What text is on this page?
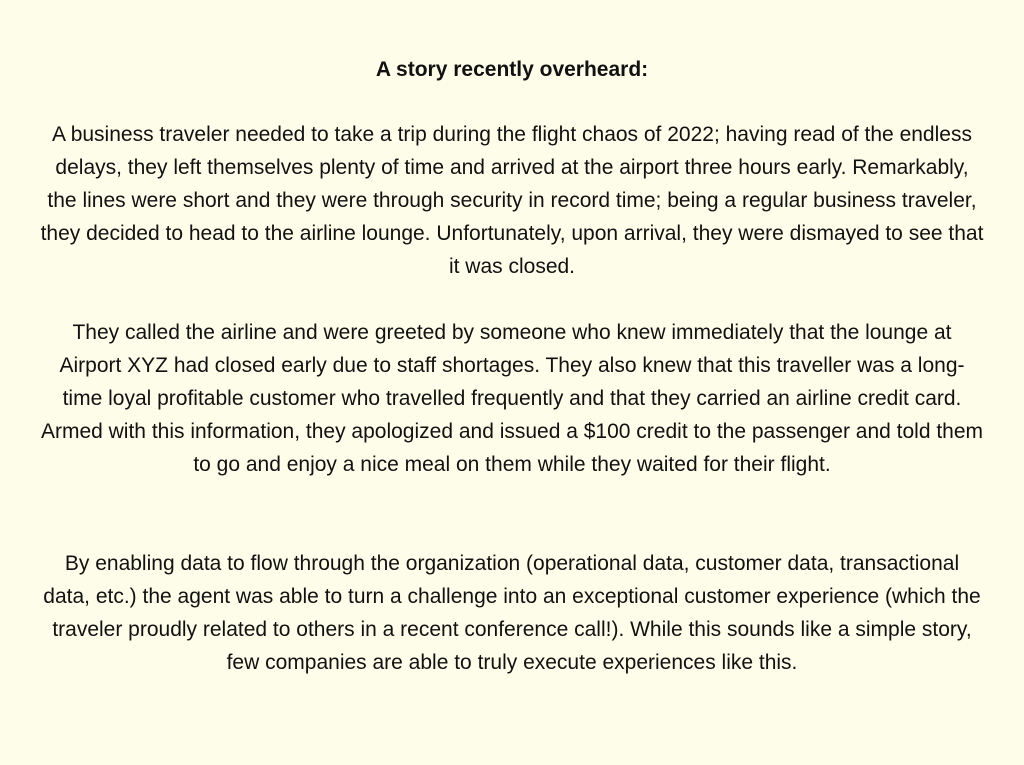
A story recently overheard:

A business traveler needed to take a trip during the flight chaos of 2022; having read of the endless delays, they left themselves plenty of time and arrived at the airport three hours early. Remarkably, the lines were short and they were through security in record time; being a regular business traveler, they decided to head to the airline lounge. Unfortunately, upon arrival, they were dismayed to see that it was closed.

They called the airline and were greeted by someone who knew immediately that the lounge at Airport XYZ had closed early due to staff shortages. They also knew that this traveller was a long-time loyal profitable customer who travelled frequently and that they carried an airline credit card. Armed with this information, they apologized and issued a $100 credit to the passenger and told them to go and enjoy a nice meal on them while they waited for their flight.

By enabling data to flow through the organization (operational data, customer data, transactional data, etc.) the agent was able to turn a challenge into an exceptional customer experience (which the traveler proudly related to others in a recent conference call!). While this sounds like a simple story, few companies are able to truly execute experiences like this.
